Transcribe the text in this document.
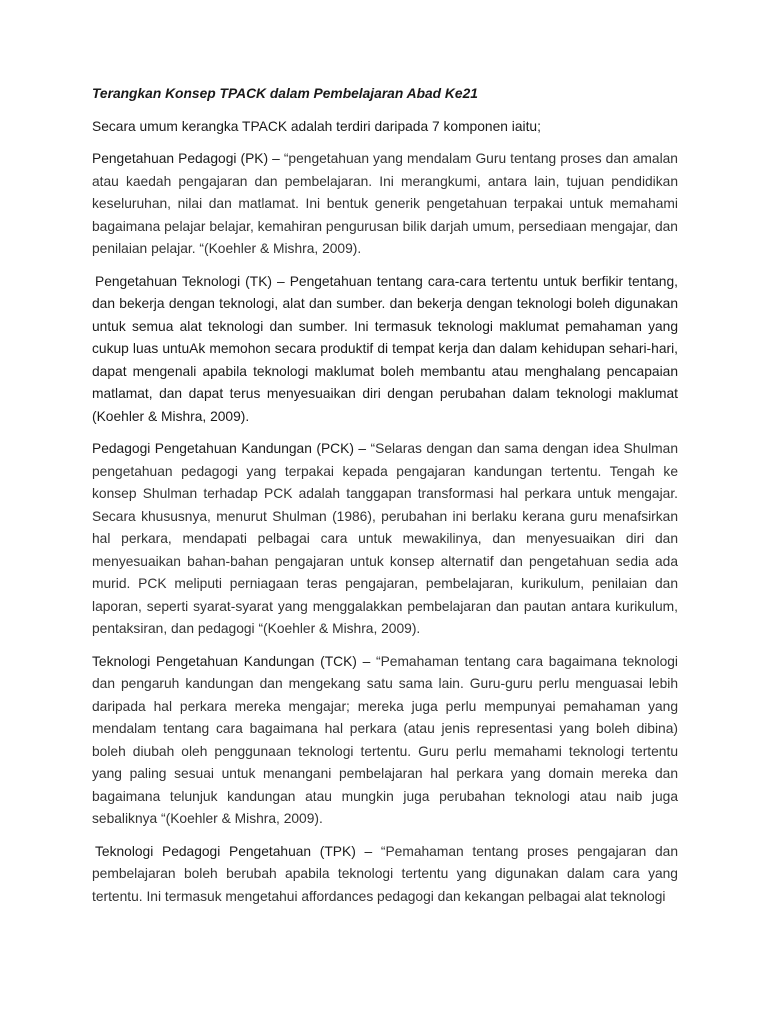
Terangkan Konsep TPACK dalam Pembelajaran Abad Ke21

Secara umum kerangka TPACK adalah terdiri daripada 7 komponen iaitu;

Pengetahuan Pedagogi (PK) – “pengetahuan yang mendalam Guru tentang proses dan amalan atau kaedah pengajaran dan pembelajaran. Ini merangkumi, antara lain, tujuan pendidikan keseluruhan, nilai dan matlamat. Ini bentuk generik pengetahuan terpakai untuk memahami bagaimana pelajar belajar, kemahiran pengurusan bilik darjah umum, persediaan mengajar, dan penilaian pelajar. “(Koehler & Mishra, 2009).

Pengetahuan Teknologi (TK) – Pengetahuan tentang cara-cara tertentu untuk berfikir tentang, dan bekerja dengan teknologi, alat dan sumber. dan bekerja dengan teknologi boleh digunakan untuk semua alat teknologi dan sumber. Ini termasuk teknologi maklumat pemahaman yang cukup luas untuAk memohon secara produktif di tempat kerja dan dalam kehidupan sehari-hari, dapat mengenali apabila teknologi maklumat boleh membantu atau menghalang pencapaian matlamat, dan dapat terus menyesuaikan diri dengan perubahan dalam teknologi maklumat (Koehler & Mishra, 2009).

Pedagogi Pengetahuan Kandungan (PCK) – “Selaras dengan dan sama dengan idea Shulman pengetahuan pedagogi yang terpakai kepada pengajaran kandungan tertentu. Tengah ke konsep Shulman terhadap PCK adalah tanggapan transformasi hal perkara untuk mengajar. Secara khususnya, menurut Shulman (1986), perubahan ini berlaku kerana guru menafsirkan hal perkara, mendapati pelbagai cara untuk mewakilinya, dan menyesuaikan diri dan menyesuaikan bahan-bahan pengajaran untuk konsep alternatif dan pengetahuan sedia ada murid. PCK meliputi perniagaan teras pengajaran, pembelajaran, kurikulum, penilaian dan laporan, seperti syarat-syarat yang menggalakkan pembelajaran dan pautan antara kurikulum, pentaksiran, dan pedagogi “(Koehler & Mishra, 2009).

Teknologi Pengetahuan Kandungan (TCK) – “Pemahaman tentang cara bagaimana teknologi dan pengaruh kandungan dan mengekang satu sama lain. Guru-guru perlu menguasai lebih daripada hal perkara mereka mengajar; mereka juga perlu mempunyai pemahaman yang mendalam tentang cara bagaimana hal perkara (atau jenis representasi yang boleh dibina) boleh diubah oleh penggunaan teknologi tertentu. Guru perlu memahami teknologi tertentu yang paling sesuai untuk menangani pembelajaran hal perkara yang domain mereka dan bagaimana telunjuk kandungan atau mungkin juga perubahan teknologi atau naib juga sebaliknya “(Koehler & Mishra, 2009).

Teknologi Pedagogi Pengetahuan (TPK) – “Pemahaman tentang proses pengajaran dan pembelajaran boleh berubah apabila teknologi tertentu yang digunakan dalam cara yang tertentu. Ini termasuk mengetahui affordances pedagogi dan kekangan pelbagai alat teknologi
